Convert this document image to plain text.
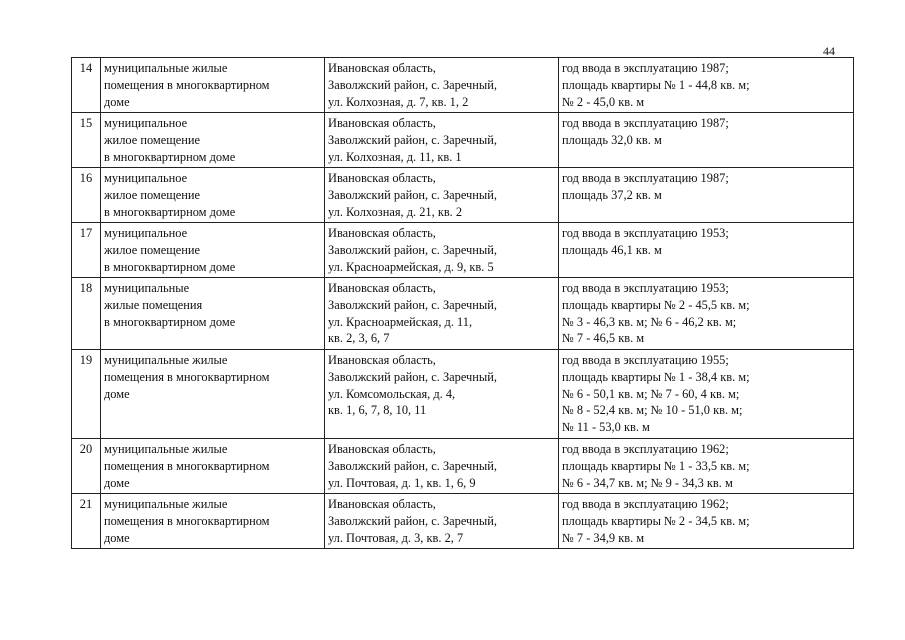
44
14	муниципальные жилые
помещения в многоквартирном
доме	Ивановская область,
Заволжский район, с. Заречный,
ул. Колхозная, д. 7, кв. 1, 2	год ввода в эксплуатацию 1987;
площадь квартиры № 1 - 44,8 кв. м;
№ 2 - 45,0 кв. м

15	муниципальное
жилое помещение
в многоквартирном доме	Ивановская область,
Заволжский район, с. Заречный,
ул. Колхозная, д. 11, кв. 1	год ввода в эксплуатацию 1987;
площадь 32,0 кв. м

16	муниципальное
жилое помещение
в многоквартирном доме	Ивановская область,
Заволжский район, с. Заречный,
ул. Колхозная, д. 21, кв. 2	год ввода в эксплуатацию 1987;
площадь 37,2 кв. м

17	муниципальное
жилое помещение
в многоквартирном доме	Ивановская область,
Заволжский район, с. Заречный,
ул. Красноармейская, д. 9, кв. 5	год ввода в эксплуатацию 1953;
площадь 46,1 кв. м

18	муниципальные
жилые помещения
в многоквартирном доме	Ивановская область,
Заволжский район, с. Заречный,
ул. Красноармейская, д. 11,
кв. 2, 3, 6, 7	год ввода в эксплуатацию 1953;
площадь квартиры № 2 - 45,5 кв. м;
№ 3 - 46,3 кв. м; № 6 - 46,2 кв. м;
№ 7 - 46,5 кв. м

19	муниципальные жилые
помещения в многоквартирном
доме	Ивановская область,
Заволжский район, с. Заречный,
ул. Комсомольская, д. 4,
кв. 1, 6, 7, 8, 10, 11	год ввода в эксплуатацию 1955;
площадь квартиры № 1 - 38,4 кв. м;
№ 6 - 50,1 кв. м; № 7 - 60, 4 кв. м;
№ 8 - 52,4 кв. м; № 10 - 51,0 кв. м;
№ 11 - 53,0 кв. м

20	муниципальные жилые
помещения в многоквартирном
доме	Ивановская область,
Заволжский район, с. Заречный,
ул. Почтовая, д. 1, кв. 1, 6, 9	год ввода в эксплуатацию 1962;
площадь квартиры № 1 - 33,5 кв. м;
№ 6 - 34,7 кв. м; № 9 - 34,3 кв. м

21	муниципальные жилые
помещения в многоквартирном
доме	Ивановская область,
Заволжский район, с. Заречный,
ул. Почтовая, д. 3, кв. 2, 7	год ввода в эксплуатацию 1962;
площадь квартиры № 2 - 34,5 кв. м;
№ 7 - 34,9 кв. м
